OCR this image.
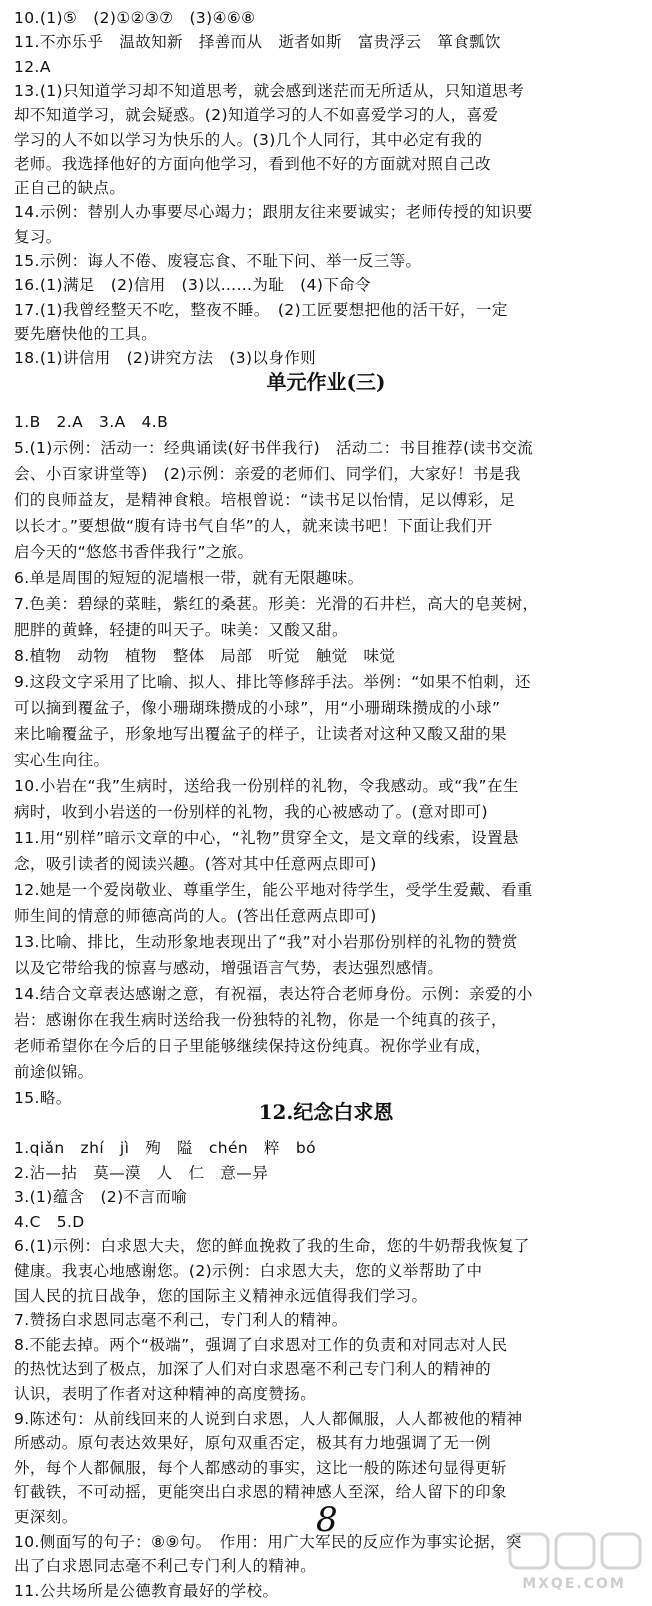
10.(1)⑤　(2)①②③⑦　(3)④⑥⑧
11.不亦乐乎　温故知新　择善而从　逝者如斯　富贵浮云　箪食瓢饮
12.A
13.(1)只知道学习却不知道思考，就会感到迷茫而无所适从，只知道思考
却不知道学习，就会疑惑。(2)知道学习的人不如喜爱学习的人，喜爱
学习的人不如以学习为快乐的人。(3)几个人同行，其中必定有我的
老师。我选择他好的方面向他学习，看到他不好的方面就对照自己改
正自己的缺点。
14.示例：替别人办事要尽心竭力；跟朋友往来要诚实；老师传授的知识要
复习。
15.示例：诲人不倦、废寝忘食、不耻下问、举一反三等。
16.(1)满足　(2)信用　(3)以……为耻　(4)下命令
17.(1)我曾经整天不吃，整夜不睡。　(2)工匠要想把他的活干好，一定
要先磨快他的工具。
18.(1)讲信用　(2)讲究方法　(3)以身作则
单元作业(三)
1.B　2.A　3.A　4.B
5.(1)示例：活动一：经典诵读(好书伴我行)　活动二：书目推荐(读书交流
会、小百家讲堂等)　(2)示例：亲爱的老师们、同学们，大家好！书是我
们的良师益友，是精神食粮。培根曾说：“读书足以怡情，足以傅彩，足
以长才。”要想做“腹有诗书气自华”的人，就来读书吧！下面让我们开
启今天的“悠悠书香伴我行”之旅。
6.单是周围的短短的泥墙根一带，就有无限趣味。
7.色美：碧绿的菜畦，紫红的桑葚。形美：光滑的石井栏，高大的皂荚树，
肥胖的黄蜂，轻捷的叫天子。味美：又酸又甜。
8.植物　动物　植物　整体　局部　听觉　触觉　味觉
9.这段文字采用了比喻、拟人、排比等修辞手法。举例：“如果不怕刺，还
可以摘到覆盆子，像小珊瑚珠攒成的小球”，用“小珊瑚珠攒成的小球”
来比喻覆盆子，形象地写出覆盆子的样子，让读者对这种又酸又甜的果
实心生向往。
10.小岩在“我”生病时，送给我一份别样的礼物，令我感动。或“我”在生
病时，收到小岩送的一份别样的礼物，我的心被感动了。(意对即可)
11.用“别样”暗示文章的中心，“礼物”贯穿全文，是文章的线索，设置悬
念，吸引读者的阅读兴趣。(答对其中任意两点即可)
12.她是一个爱岗敬业、尊重学生，能公平地对待学生，受学生爱戴、看重
师生间的情意的师德高尚的人。(答出任意两点即可)
13.比喻、排比，生动形象地表现出了“我”对小岩那份别样的礼物的赞赏
以及它带给我的惊喜与感动，增强语言气势，表达强烈感情。
14.结合文章表达感谢之意，有祝福，表达符合老师身份。示例：亲爱的小
岩：感谢你在我生病时送给我一份独特的礼物，你是一个纯真的孩子，
老师希望你在今后的日子里能够继续保持这份纯真。祝你学业有成，
前途似锦。
15.略。
12.纪念白求恩
1.qiǎn　zhí　jì　殉　隘　chén　粹　bó
2.沾—拈　莫—漠　人　仁　意—异
3.(1)蕴含　(2)不言而喻
4.C　5.D
6.(1)示例：白求恩大夫，您的鲜血挽救了我的生命，您的牛奶帮我恢复了
健康。我衷心地感谢您。(2)示例：白求恩大夫，您的义举帮助了中
国人民的抗日战争，您的国际主义精神永远值得我们学习。
7.赞扬白求恩同志毫不利己，专门利人的精神。
8.不能去掉。两个“极端”，强调了白求恩对工作的负责和对同志对人民
的热忱达到了极点，加深了人们对白求恩毫不利己专门利人的精神的
认识，表明了作者对这种精神的高度赞扬。
9.陈述句：从前线回来的人说到白求恩，人人都佩服，人人都被他的精神
所感动。原句表达效果好，原句双重否定，极其有力地强调了无一例
外，每个人都佩服，每个人都感动的事实，这比一般的陈述句显得更斩
钉截铁，不可动摇，更能突出白求恩的精神感人至深，给人留下的印象
更深刻。
10.侧面写的句子：⑧⑨句。　作用：用广大军民的反应作为事实论据，突
出了白求恩同志毫不利己专门利人的精神。
11.公共场所是公德教育最好的学校。
8
MXQE.COM
